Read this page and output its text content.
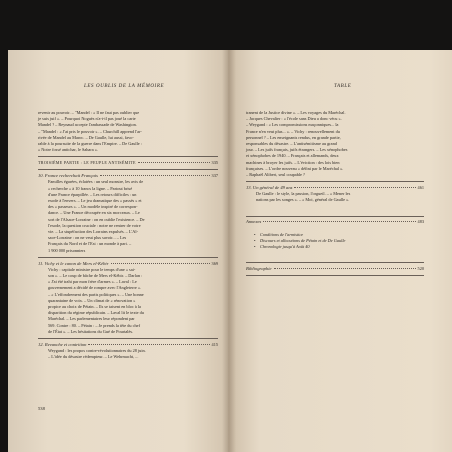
LES OUBLIS DE LA MÉMOIRE
revenir au pouvoir. – "Mandel : « Il ne faut pas oublier que
je suis juif ». – Pourquoi Noguès n'a-t-il pas joué la carte
Mandel ? – Reynaud accepte l'ambassade de Washington.
– "Mandel : « J'ai pris le pouvoir ». – Churchill apprend l'ar-
rivée de Mandel au Maroc. – De Gaulle, lui aussi, favo-
rable à la poursuite de la guerre dans l'Empire. – De Gaulle :
« Notre fossé antichar, le Sahara ».
TROISIÈME PARTIE : LE PEUPLE ANTISÉMITE	335
10. France recherchait Français	337
Familles égarées, éclatées : un seul monstre, les avis de
« recherche » à 10 francs la ligne. – Partout brisé
d'une France éparpillée. – Les retours difficiles : un
exode à l'envers. – Le jeu dramatique des « passés » et
des « passeurs ». – Un modèle inspiré de correspon-
dance. – Une France découpée en six morceaux. – Le
sort de l'Alsace-Lorraine : on en oublie l'existence. – De
l'exode, la question cruciale : notre ne rentrer de votre
vie. – La stupéfaction des Lorrains expulsés. – L'Al-
sace-Lorraine : on ne veut plus savoir... – Les
Français du Nord et de l'Est : un monde à part. –
1 900 000 prisonniers
11. Vichy et le canon de Mers el-Kébir	369
Vichy : capitale ministre pour le temps d'une « sai-
son ». – Le coup de bâche de Mers el-Kébir. – Darlan :
« J'ai été trahi par mon frère d'armes ». – Laval : Le
gouvernement a décidé de rompre avec l'Angleterre ».
– « L'effondrement des partis politiques ». – Une bonne
quarantaine de voix. – Un climat de « rénovation »
propice au choix de Pétain. – Ils se taisent en bloc à la
disparition du régime républicain. – Laval lit le texte du
Maréchal. – Les parlementaires leur répondent par
569. Contre : 80. – Pétain : – Je prends la tête du chef
de l'État ». – Les hésitations du Gué de Pourtalès.
12. Revanche et contrition	415
Weygand : les propos contre-révolutionnaires du 28 juin.
– L'idée du désastre rédempteur. – Le Wehrmacht, ...
538
TABLE
tranent de la Justice divine ». – Les voyages du Maréchal.
– Jacques Chevalier : « l'école sans Dieu a donc vécu ».
– Weygand : « Les compromissions maçonniques... la
France n'en veut plus... ». – Vichy : renouvellement du
personnel ? – Les enseignants rendus, en grande partie,
responsables du désastre. – L'antisémitisme au grand
jour. – Les juifs français, juifs étrangers. – Les xénophobes
et xénophobes de 1940. – Français et allemands, deux
machines à broyer les juifs. – L'éviction : des lois bien
françaises. – L'ordre nouveau « défini par le Maréchal ».
– Raphaël Alibert, seul coupable ?
13. Un général de 49 ans	461
De Gaulle : le style, la passion, l'orgueil. – « Mener les
nations par les songes ». – « Moi, général de Gaulle ».
Annexes	483
• Conditions de l'armistice
• Discours et allocutions de Pétain et de De Gaulle
• Chronologie jusqu'à Août 40
Bibliographie	520
